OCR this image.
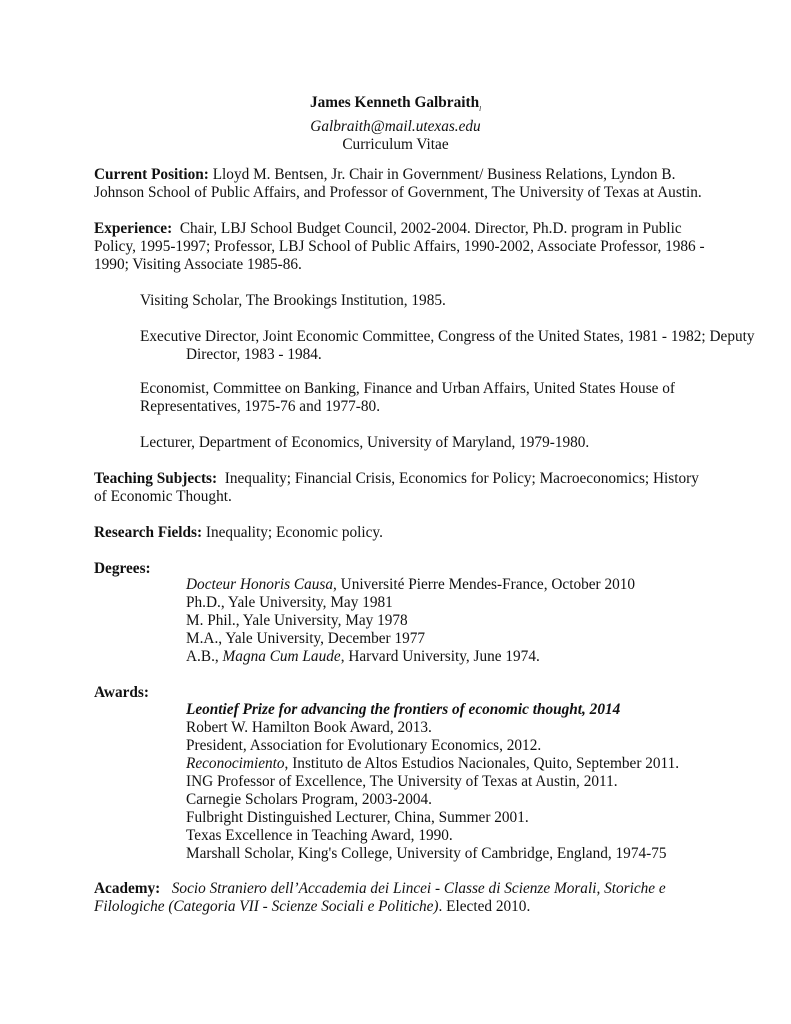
James Kenneth Galbraith$_l$
Galbraith@mail.utexas.edu
Curriculum Vitae
Current Position: Lloyd M. Bentsen, Jr. Chair in Government/ Business Relations, Lyndon B. Johnson School of Public Affairs, and Professor of Government, The University of Texas at Austin.
Experience: Chair, LBJ School Budget Council, 2002-2004. Director, Ph.D. program in Public Policy, 1995-1997; Professor, LBJ School of Public Affairs, 1990-2002, Associate Professor, 1986 - 1990; Visiting Associate 1985-86.
Visiting Scholar, The Brookings Institution, 1985.
Executive Director, Joint Economic Committee, Congress of the United States, 1981 - 1982; Deputy Director, 1983 - 1984.
Economist, Committee on Banking, Finance and Urban Affairs, United States House of Representatives, 1975-76 and 1977-80.
Lecturer, Department of Economics, University of Maryland, 1979-1980.
Teaching Subjects: Inequality; Financial Crisis, Economics for Policy; Macroeconomics; History of Economic Thought.
Research Fields: Inequality; Economic policy.
Degrees:
Docteur Honoris Causa, Université Pierre Mendes-France, October 2010
Ph.D., Yale University, May 1981
M. Phil., Yale University, May 1978
M.A., Yale University, December 1977
A.B., Magna Cum Laude, Harvard University, June 1974.
Awards:
Leontief Prize for advancing the frontiers of economic thought, 2014
Robert W. Hamilton Book Award, 2013.
President, Association for Evolutionary Economics, 2012.
Reconocimiento, Instituto de Altos Estudios Nacionales, Quito, September 2011.
ING Professor of Excellence, The University of Texas at Austin, 2011.
Carnegie Scholars Program, 2003-2004.
Fulbright Distinguished Lecturer, China, Summer 2001.
Texas Excellence in Teaching Award, 1990.
Marshall Scholar, King's College, University of Cambridge, England, 1974-75
Academy: Socio Straniero dell’Accademia dei Lincei - Classe di Scienze Morali, Storiche e Filologiche (Categoria VII - Scienze Sociali e Politiche). Elected 2010.
